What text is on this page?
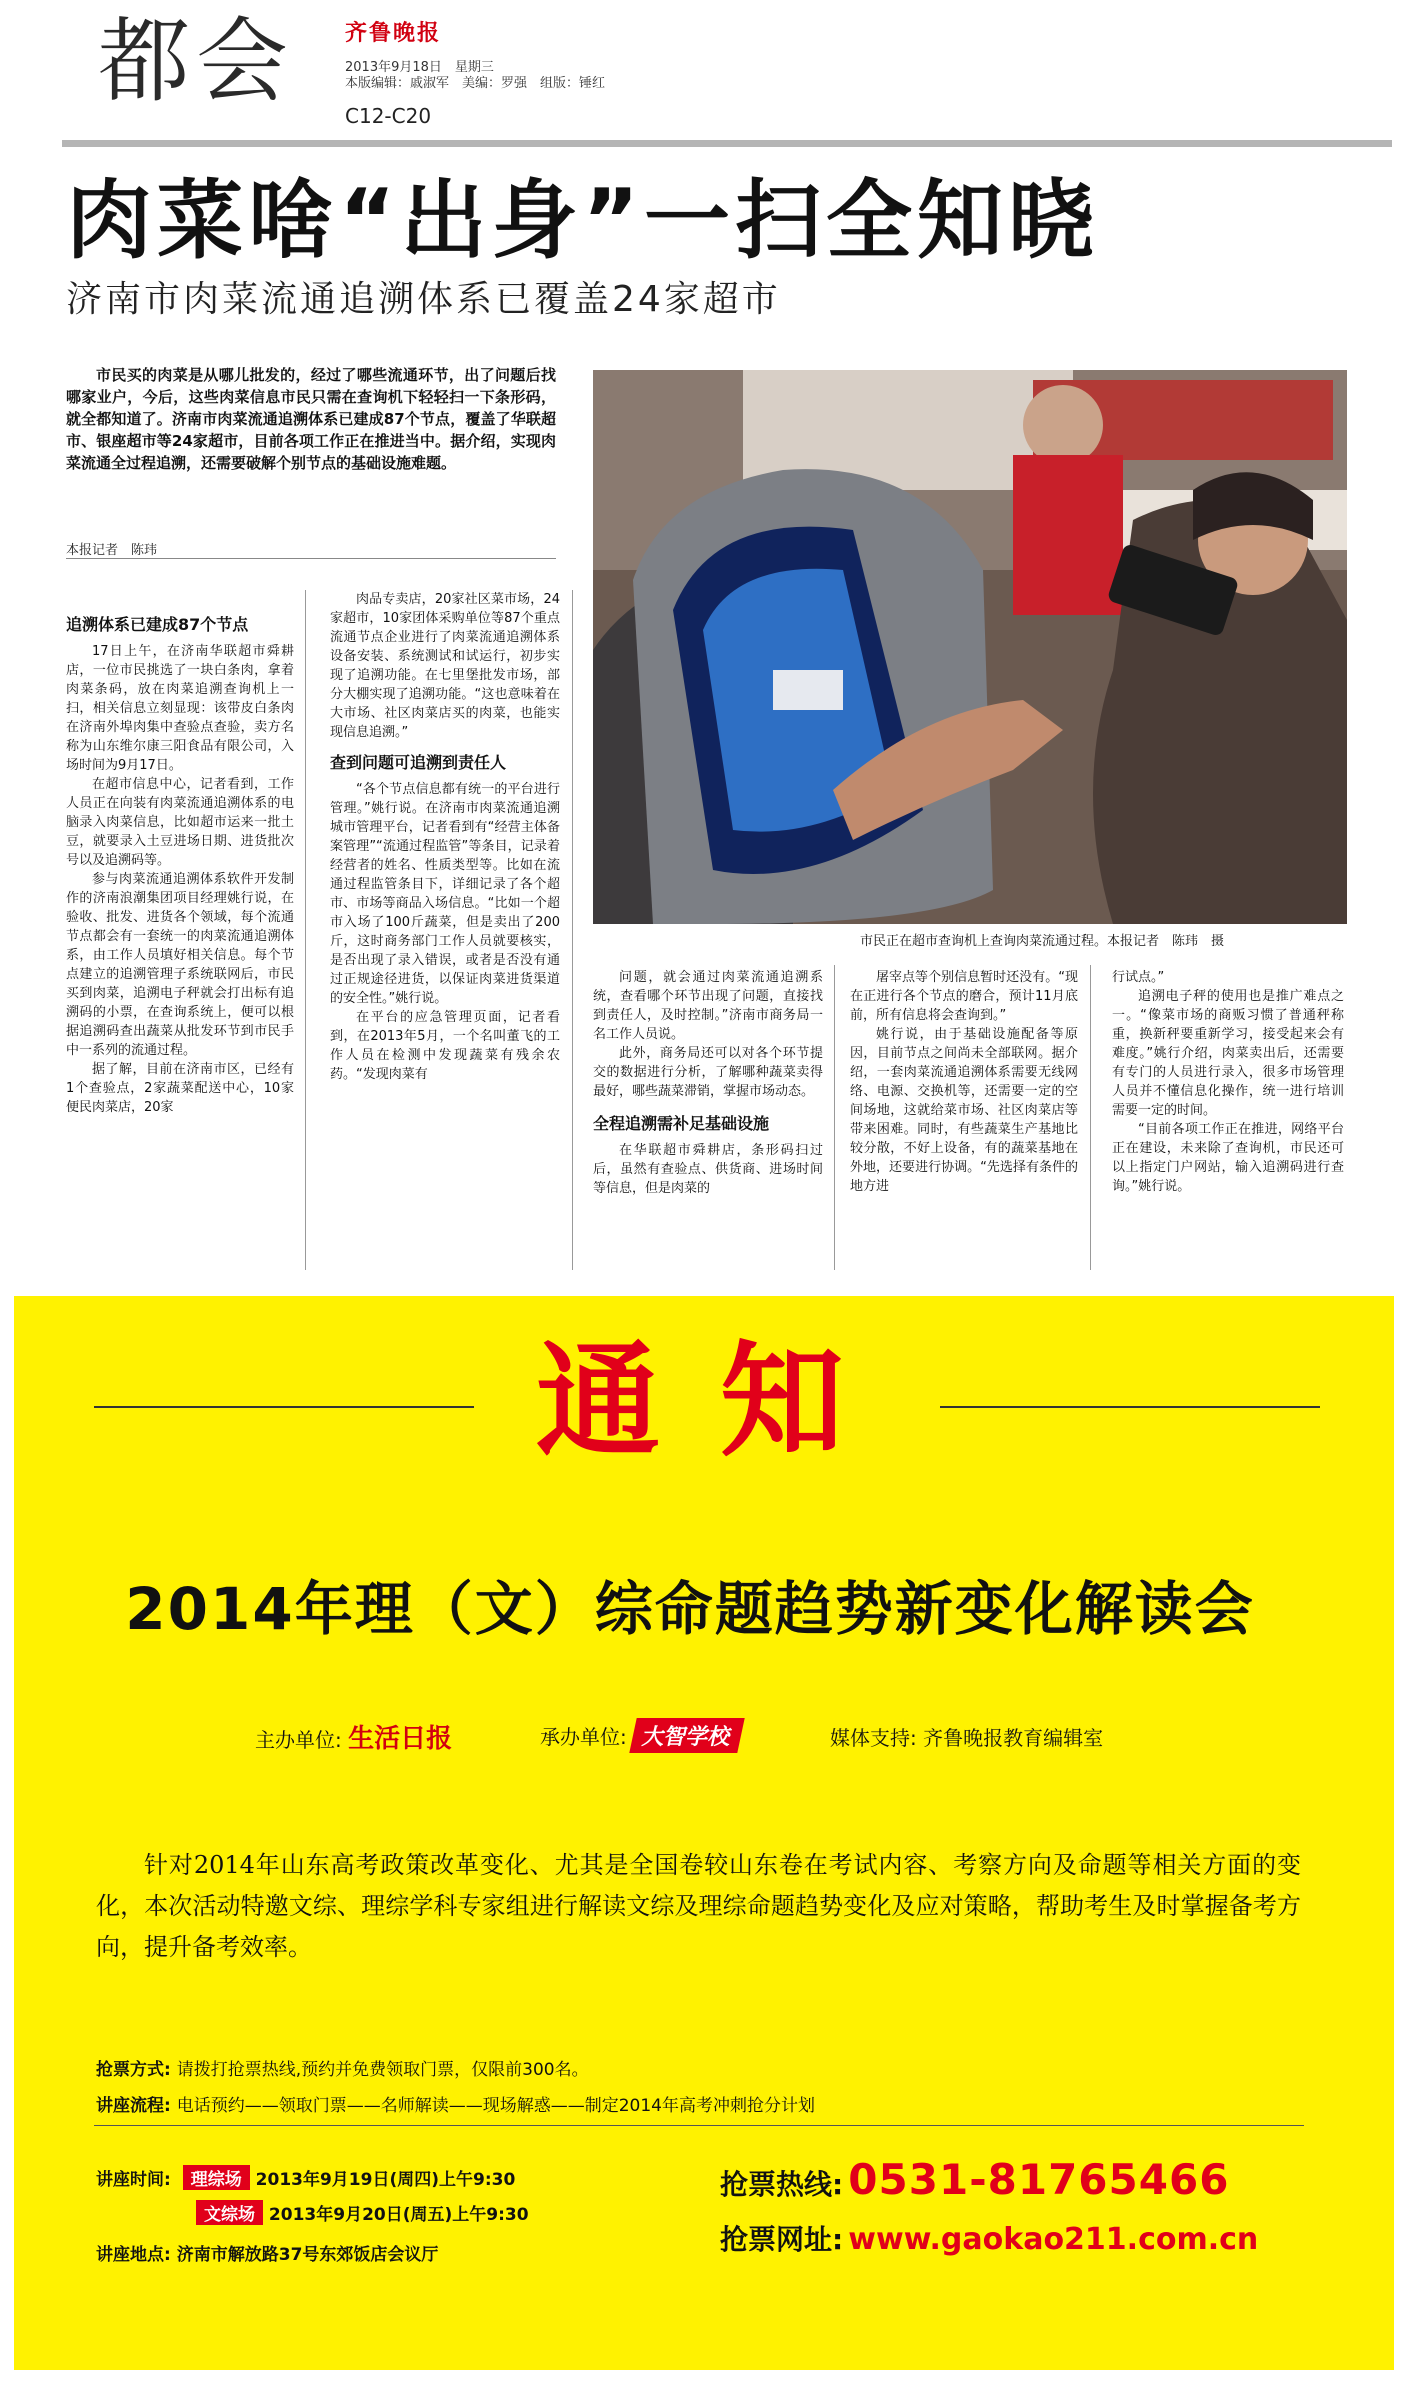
都会 齐鲁晚报
2013年9月18日　星期三
本版编辑：戚淑军　美编：罗强　组版：锤红
C12-C20
肉菜啥“出身”一扫全知晓
济南市肉菜流通追溯体系已覆盖24家超市
市民买的肉菜是从哪儿批发的，经过了哪些流通环节，出了问题后找哪家业户，今后，这些肉菜信息市民只需在查询机下轻轻扫一下条形码，就全都知道了。济南市肉菜流通追溯体系已建成87个节点，覆盖了华联超市、银座超市等24家超市，目前各项工作正在推进当中。据介绍，实现肉菜流通全过程追溯，还需要破解个别节点的基础设施难题。
本报记者　陈玮
市民正在超市查询机上查询肉菜流通过程。本报记者　陈玮　摄
追溯体系已建成87个节点

17日上午，在济南华联超市舜耕店，一位市民挑选了一块白条肉，拿着肉菜条码，放在肉菜追溯查询机上一扫，相关信息立刻显现：该带皮白条肉在济南外埠肉集中查验点查验，卖方名称为山东维尔康三阳食品有限公司，入场时间为9月17日。

在超市信息中心，记者看到，工作人员正在向装有肉菜流通追溯体系的电脑录入肉菜信息，比如超市运来一批土豆，就要录入土豆进场日期、进货批次号以及追溯码等。

参与肉菜流通追溯体系软件开发制作的济南浪潮集团项目经理姚行说，在验收、批发、进货各个领域，每个流通节点都会有一套统一的肉菜流通追溯体系，由工作人员填好相关信息。每个节点建立的追溯管理子系统联网后，市民买到肉菜，追溯电子秤就会打出标有追溯码的小票，在查询系统上，便可以根据追溯码查出蔬菜从批发环节到市民手中一系列的流通过程。

据了解，目前在济南市区，已经有1个查验点，2家蔬菜配送中心，10家便民肉菜店，20家

肉品专卖店，20家社区菜市场，24家超市，10家团体采购单位等87个重点流通节点企业进行了肉菜流通追溯体系设备安装、系统测试和试运行，初步实现了追溯功能。在七里堡批发市场，部分大棚实现了追溯功能。“这也意味着在大市场、社区肉菜店买的肉菜，也能实现信息追溯。”

查到问题可追溯到责任人

“各个节点信息都有统一的平台进行管理。”姚行说。在济南市肉菜流通追溯城市管理平台，记者看到有“经营主体备案管理”“流通过程监管”等条目，记录着经营者的姓名、性质类型等。比如在流通过程监管条目下，详细记录了各个超市、市场等商品入场信息。“比如一个超市入场了100斤蔬菜，但是卖出了200斤，这时商务部门工作人员就要核实，是否出现了录入错误，或者是否没有通过正规途径进货，以保证肉菜进货渠道的安全性。”姚行说。

在平台的应急管理页面，记者看到，在2013年5月，一个名叫董飞的工作人员在检测中发现蔬菜有残余农药。“发现肉菜有

问题，就会通过肉菜流通追溯系统，查看哪个环节出现了问题，直接找到责任人，及时控制。”济南市商务局一名工作人员说。

此外，商务局还可以对各个环节提交的数据进行分析，了解哪种蔬菜卖得最好，哪些蔬菜滞销，掌握市场动态。

全程追溯需补足基础设施

在华联超市舜耕店，条形码扫过后，虽然有查验点、供货商、进场时间等信息，但是肉菜的

屠宰点等个别信息暂时还没有。“现在正进行各个节点的磨合，预计11月底前，所有信息将会查询到。”

姚行说，由于基础设施配备等原因，目前节点之间尚未全部联网。据介绍，一套肉菜流通追溯体系需要无线网络、电源、交换机等，还需要一定的空间场地，这就给菜市场、社区肉菜店等带来困难。同时，有些蔬菜生产基地比较分散，不好上设备，有的蔬菜基地在外地，还要进行协调。“先选择有条件的地方进

行试点。”

追溯电子秤的使用也是推广难点之一。“像菜市场的商贩习惯了普通秤称重，换新秤要重新学习，接受起来会有难度。”姚行介绍，肉菜卖出后，还需要有专门的人员进行录入，很多市场管理人员并不懂信息化操作，统一进行培训需要一定的时间。

“目前各项工作正在推进，网络平台正在建设，未来除了查询机，市民还可以上指定门户网站，输入追溯码进行查询。”姚行说。

通知
2014年理（文）综命题趋势新变化解读会
主办单位: 生活日报	承办单位: 大智学校	媒体支持: 齐鲁晚报教育编辑室
针对2014年山东高考政策改革变化、尤其是全国卷较山东卷在考试内容、考察方向及命题等相关方面的变化，本次活动特邀文综、理综学科专家组进行解读文综及理综命题趋势变化及应对策略，帮助考生及时掌握备考方向，提升备考效率。
抢票方式: 请拨打抢票热线,预约并免费领取门票，仅限前300名。
讲座流程: 电话预约——领取门票——名师解读——现场解惑——制定2014年高考冲刺抢分计划
讲座时间: 理综场 2013年9月19日(周四)上午9:30
文综场 2013年9月20日(周五)上午9:30
讲座地点: 济南市解放路37号东郊饭店会议厅
抢票热线: 0531-81765466
抢票网址: www.gaokao211.com.cn
